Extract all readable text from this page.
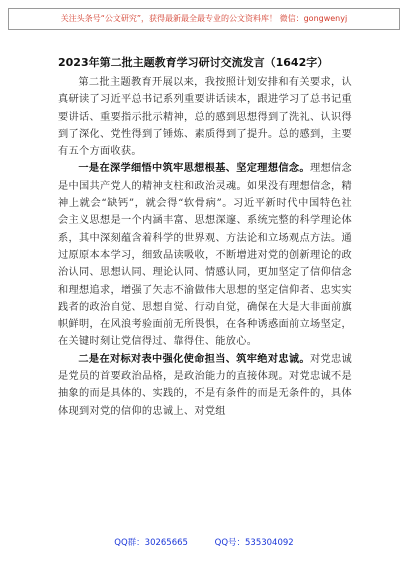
关注头条号“公文研究”，获得最新最全最专业的公文资料库！ 微信：gongwenyj

2023年第二批主题教育学习研讨交流发言（1642字）

第二批主题教育开展以来，我按照计划安排和有关要求，认真研读了习近平总书记系列重要讲话读本，跟进学习了总书记重要讲话、重要指示批示精神，总的感到思想得到了洗礼、认识得到了深化、党性得到了锤炼、素质得到了提升。总的感到，主要有五个方面收获。

一是在深学细悟中筑牢思想根基、坚定理想信念。理想信念是中国共产党人的精神支柱和政治灵魂。如果没有理想信念，精神上就会“缺钙”，就会得“软骨病”。习近平新时代中国特色社会主义思想是一个内涵丰富、思想深邃、系统完整的科学理论体系，其中深刻蕴含着科学的世界观、方法论和立场观点方法。通过原原本本学习，细致品读吸收，不断增进对党的创新理论的政治认同、思想认同、理论认同、情感认同，更加坚定了信仰信念和理想追求，增强了矢志不渝做伟大思想的坚定信仰者、忠实实践者的政治自觉、思想自觉、行动自觉，确保在大是大非面前旗帜鲜明，在风浪考验面前无所畏惧，在各种诱惑面前立场坚定，在关键时刻让党信得过、靠得住、能放心。

二是在对标对表中强化使命担当、筑牢绝对忠诚。对党忠诚是党员的首要政治品格，是政治能力的直接体现。对党忠诚不是抽象的而是具体的、实践的，不是有条件的而是无条件的，具体体现到对党的信仰的忠诚上、对党组

QQ群：30265665	QQ号：535304092
